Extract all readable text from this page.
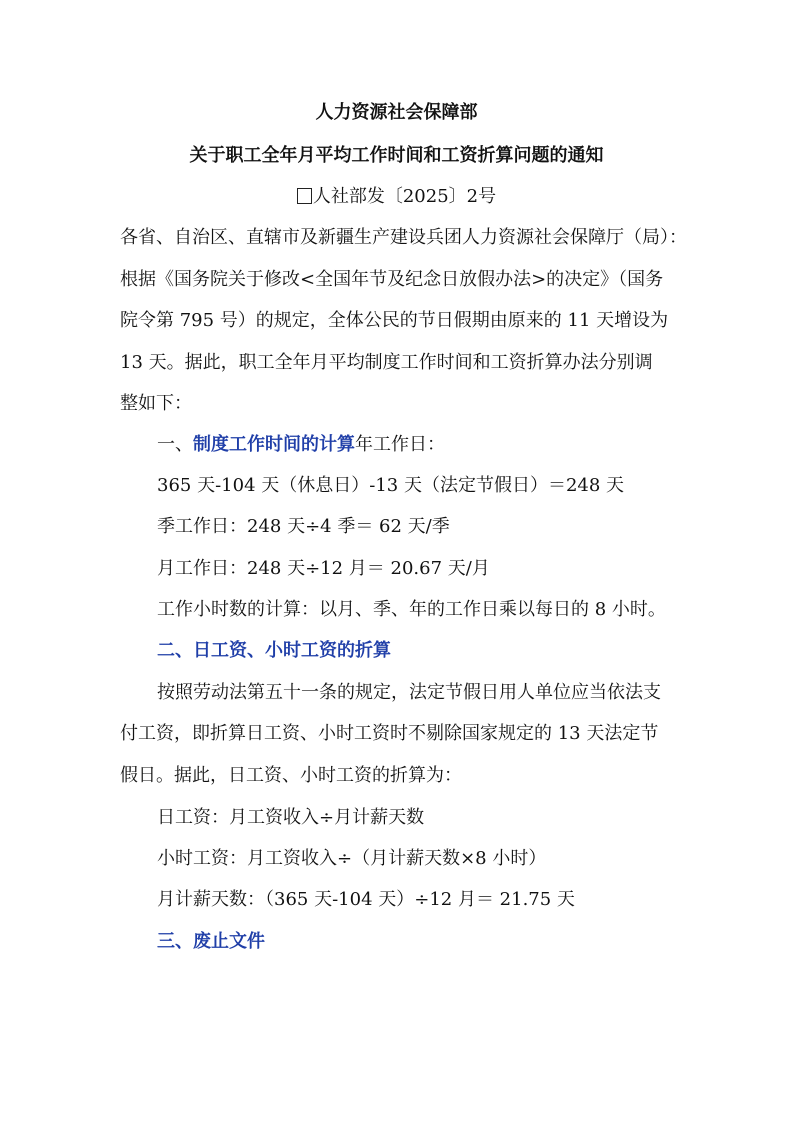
人力资源社会保障部
关于职工全年月平均工作时间和工资折算问题的通知
人社部发〔2025〕2号
各省、自治区、直辖市及新疆生产建设兵团人力资源社会保障厅（局）：
根据《国务院关于修改<全国年节及纪念日放假办法>的决定》（国务
院令第 795 号）的规定，全体公民的节日假期由原来的 11 天增设为
13 天。据此，职工全年月平均制度工作时间和工资折算办法分别调
整如下：
一、制度工作时间的计算年工作日：
365 天-104 天（休息日）-13 天（法定节假日）＝248 天
季工作日：248 天÷4 季＝ 62 天/季
月工作日：248 天÷12 月＝ 20.67 天/月
工作小时数的计算：以月、季、年的工作日乘以每日的 8 小时。
二、日工资、小时工资的折算
按照劳动法第五十一条的规定，法定节假日用人单位应当依法支
付工资，即折算日工资、小时工资时不剔除国家规定的 13 天法定节
假日。据此，日工资、小时工资的折算为：
日工资：月工资收入÷月计薪天数
小时工资：月工资收入÷（月计薪天数×8 小时）
月计薪天数：（365 天-104 天）÷12 月＝ 21.75 天
三、废止文件
